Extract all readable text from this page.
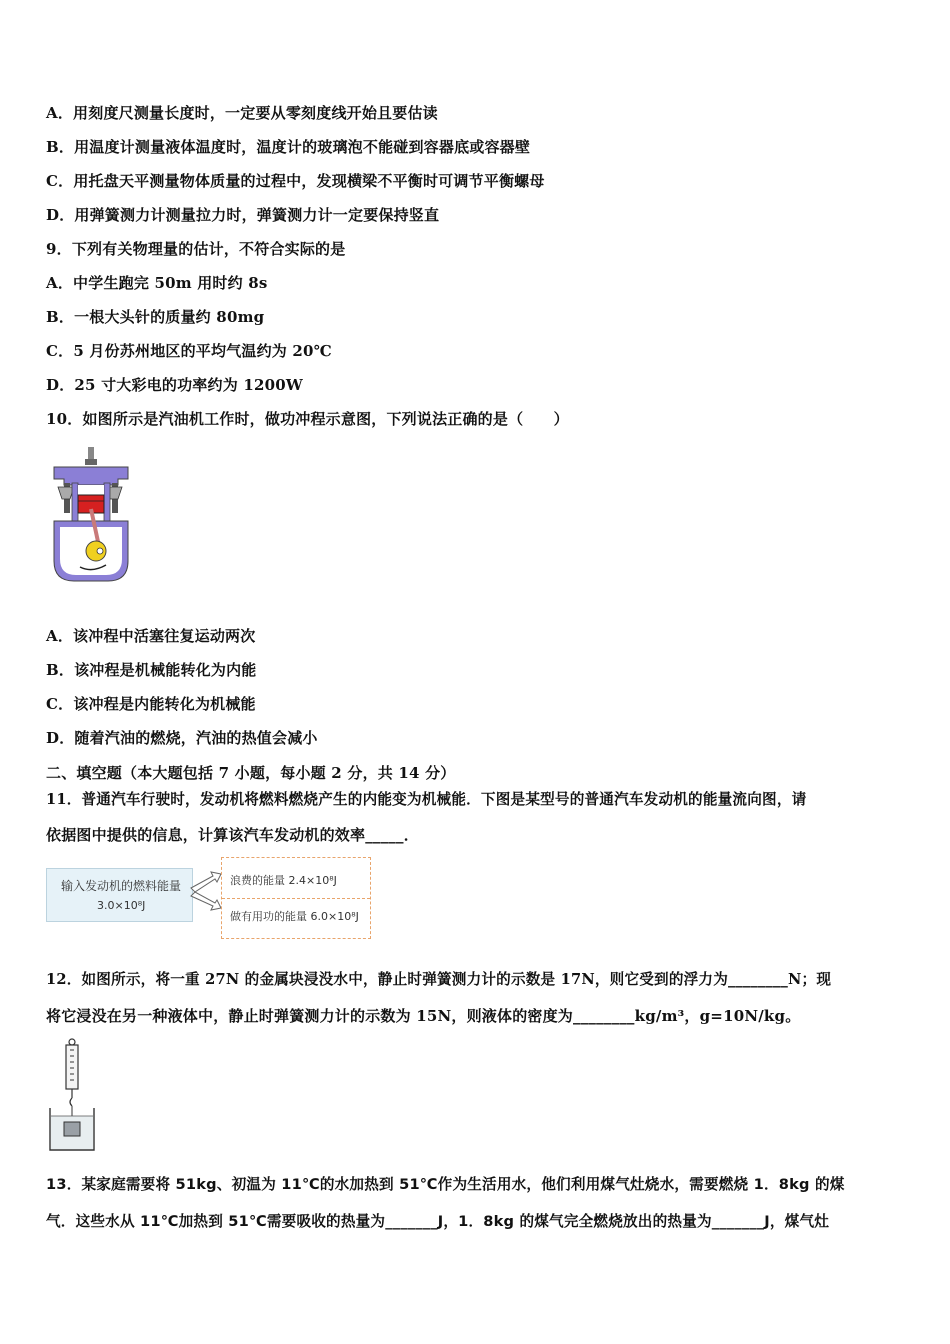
A．用刻度尺测量长度时，一定要从零刻度线开始且要估读
B．用温度计测量液体温度时，温度计的玻璃泡不能碰到容器底或容器壁
C．用托盘天平测量物体质量的过程中，发现横梁不平衡时可调节平衡螺母
D．用弹簧测力计测量拉力时，弹簧测力计一定要保持竖直
9．下列有关物理量的估计，不符合实际的是
A．中学生跑完 50m 用时约 8s
B．一根大头针的质量约 80mg
C．5 月份苏州地区的平均气温约为 20℃
D．25 寸大彩电的功率约为 1200W
10．如图所示是汽油机工作时，做功冲程示意图，下列说法正确的是（　　）
A．该冲程中活塞往复运动两次
B．该冲程是机械能转化为内能
C．该冲程是内能转化为机械能
D．随着汽油的燃烧，汽油的热值会减小
二、填空题（本大题包括 7 小题，每小题 2 分，共 14 分）
11．普通汽车行驶时，发动机将燃料燃烧产生的内能变为机械能．下图是某型号的普通汽车发动机的能量流向图，请
依据图中提供的信息，计算该汽车发动机的效率_____．
输入发动机的燃料能量
3.0×10⁸J
浪费的能量 2.4×10⁸J
做有用功的能量 6.0×10⁸J
12．如图所示，将一重 27N 的金属块浸没水中，静止时弹簧测力计的示数是 17N，则它受到的浮力为________N；现
将它浸没在另一种液体中，静止时弹簧测力计的示数为 15N，则液体的密度为________kg/m³，g=10N/kg。
13．某家庭需要将 51kg、初温为 11℃的水加热到 51℃作为生活用水，他们利用煤气灶烧水，需要燃烧 1．8kg 的煤
气．这些水从 11℃加热到 51℃需要吸收的热量为_______J，1．8kg 的煤气完全燃烧放出的热量为_______J，煤气灶
